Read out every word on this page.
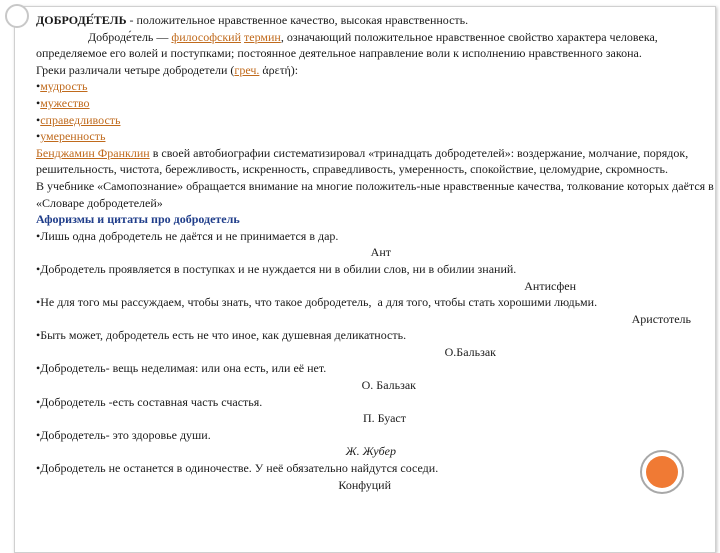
ДОБРОДЕ́ТЕЛЬ - положительное нравственное качество, высокая нравственность.

Доброде́тель — философский термин, означающий положительное нравственное свойство характера человека, определяемое его волей и поступками; постоянное деятельное направление воли к исполнению нравственного закона.

Греки различали четыре добродетели (греч. ἀρετή):

•мудрость

•мужество

•справедливость

•умеренность

Бенджамин Франклин в своей автобиографии систематизировал «тринадцать добродетелей»: воздержание, молчание, порядок, решительность, чистота, бережливость, искренность, справедливость, умеренность, спокойствие, целомудрие, скромность.

В учебнике «Самопознание» обращается внимание на многие положитель-ные нравственные качества, толкование которых даётся в «Словаре добродетелей»

Афоризмы и цитаты про добродетель

•Лишь одна добродетель не даётся и не принимается в дар.

Ант

•Добродетель проявляется в поступках и не нуждается ни в обилии слов, ни в обилии знаний.

Антисфен

•Не для того мы рассуждаем, чтобы знать, что такое добродетель, а для того, чтобы стать хорошими людьми.

Аристотель

•Быть может, добродетель есть не что иное, как душевная деликатность.

О.Бальзак

•Добродетель- вещь неделимая: или она есть, или её нет.

О. Бальзак

•Добродетель -есть составная часть счастья.

П. Буаст

•Добродетель- это здоровье души.

Ж. Жубер

•Добродетель не останется в одиночестве. У неё обязательно найдутся соседи.

Конфуций
